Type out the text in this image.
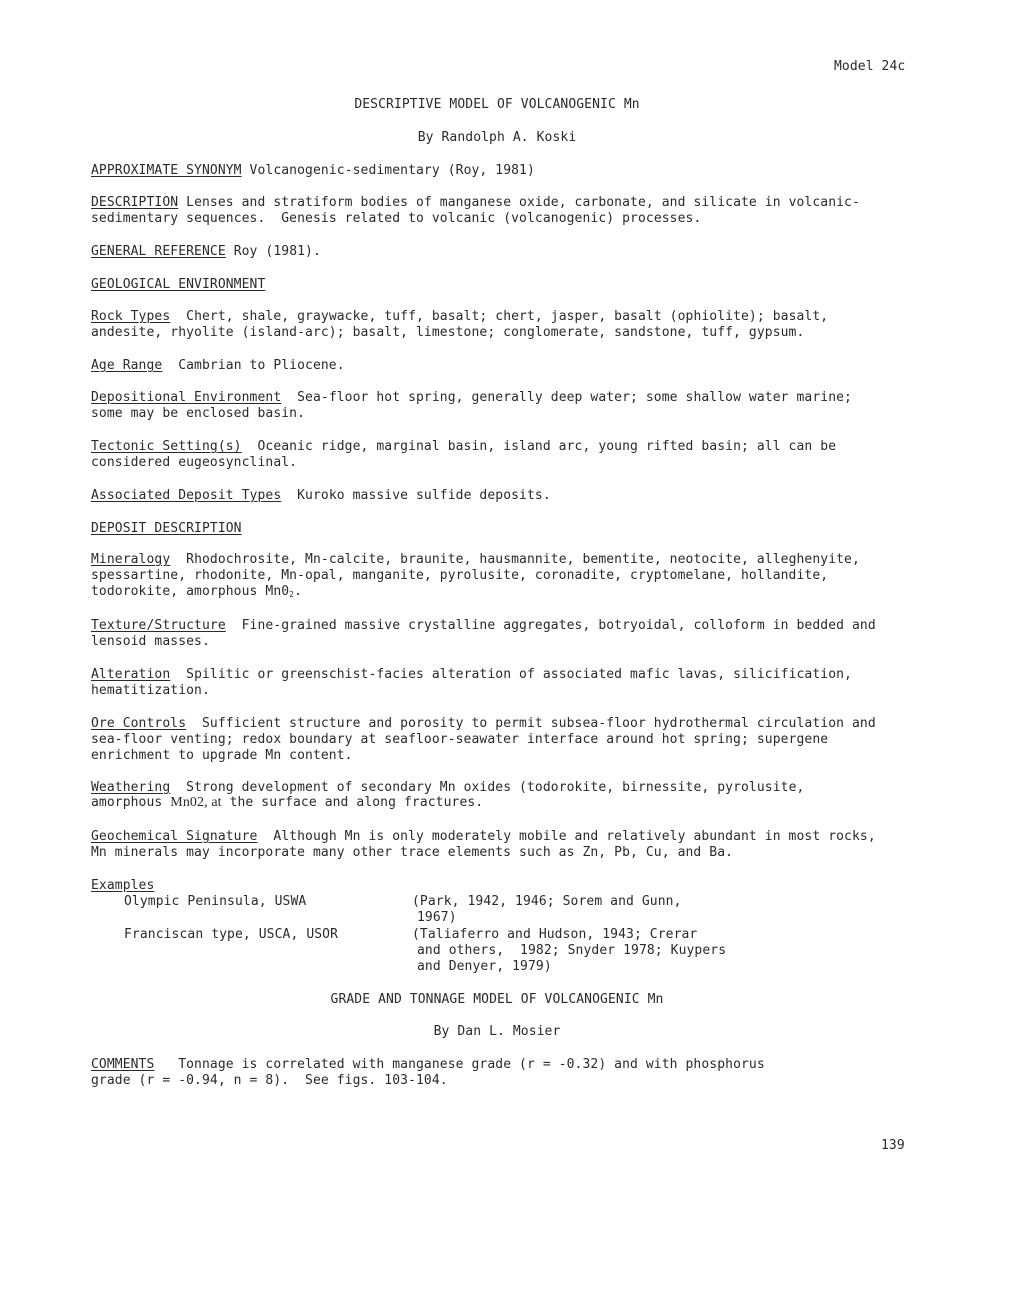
Model 24c
DESCRIPTIVE MODEL OF VOLCANOGENIC Mn
By Randolph A. Koski
APPROXIMATE SYNONYM Volcanogenic-sedimentary (Roy, 1981)
DESCRIPTION Lenses and stratiform bodies of manganese oxide, carbonate, and silicate in volcanic-
sedimentary sequences.  Genesis related to volcanic (volcanogenic) processes.
GENERAL REFERENCE Roy (1981).
GEOLOGICAL ENVIRONMENT
Rock Types Chert, shale, graywacke, tuff, basalt; chert, jasper, basalt (ophiolite); basalt,
andesite, rhyolite (island-arc); basalt, limestone; conglomerate, sandstone, tuff, gypsum.
Age Range Cambrian to Pliocene.
Depositional Environment Sea-floor hot spring, generally deep water; some shallow water marine;
some may be enclosed basin.
Tectonic Setting(s) Oceanic ridge, marginal basin, island arc, young rifted basin; all can be
considered eugeosynclinal.
Associated Deposit Types Kuroko massive sulfide deposits.
DEPOSIT DESCRIPTION
Mineralogy Rhodochrosite, Mn-calcite, braunite, hausmannite, bementite, neotocite, alleghenyite,
spessartine, rhodonite, Mn-opal, manganite, pyrolusite, coronadite, cryptomelane, hollandite,
todorokite, amorphous $Mn0_2$.
Texture/Structure Fine-grained massive crystalline aggregates, botryoidal, colloform in bedded and
lensoid masses.
Alteration Spilitic or greenschist-facies alteration of associated mafic lavas, silicification,
hematitization.
Ore Controls Sufficient structure and porosity to permit subsea-floor hydrothermal circulation and
sea-floor venting; redox boundary at seafloor-seawater interface around hot spring; supergene
enrichment to upgrade Mn content.
Weathering Strong development of secondary Mn oxides (todorokite, birnessite, pyrolusite,
amorphous Mn02, at the surface and along fractures.
Geochemical Signature Although Mn is only moderately mobile and relatively abundant in most rocks,
Mn minerals may incorporate many other trace elements such as Zn, Pb, Cu, and Ba.
Examples
Olympic Peninsula, USWA	(Park, 1942, 1946; Sorem and Gunn,
1967)
Franciscan type, USCA, USOR	(Taliaferro and Hudson, 1943; Crerar
and others,  1982; Snyder 1978; Kuypers
and Denyer, 1979)
GRADE AND TONNAGE MODEL OF VOLCANOGENIC Mn
By Dan L. Mosier
COMMENTS Tonnage is correlated with manganese grade (r = -0.32) and with phosphorus
grade (r = -0.94, n = 8).  See figs. 103-104.
139
